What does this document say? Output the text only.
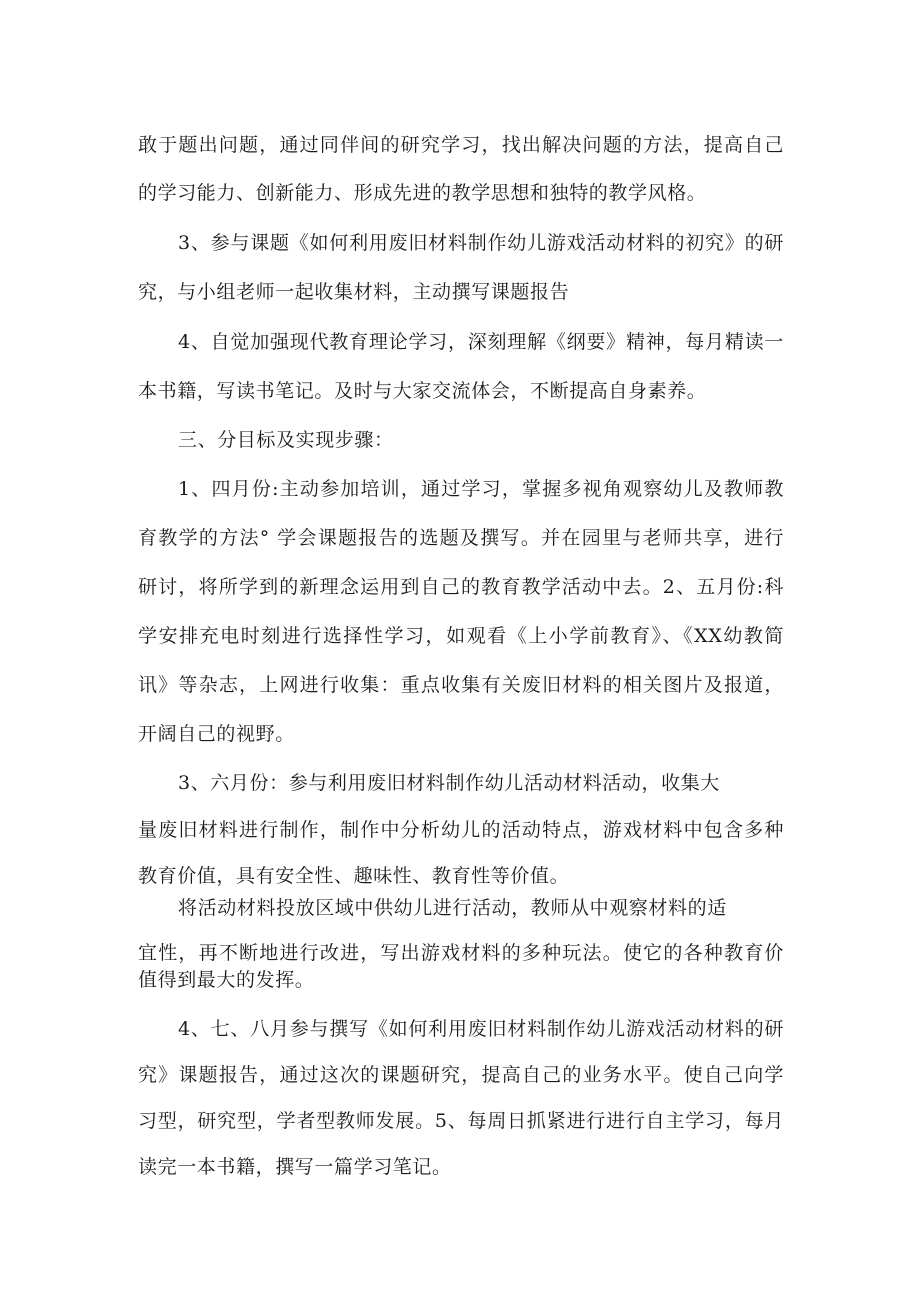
敢于题出问题，通过同伴间的研究学习，找出解决问题的方法，提高自己
的学习能力、创新能力、形成先进的教学思想和独特的教学风格。
3、参与课题《如何利用废旧材料制作幼儿游戏活动材料的初究》的研
究，与小组老师一起收集材料，主动撰写课题报告
4、自觉加强现代教育理论学习，深刻理解《纲要》精神，每月精读一
本书籍，写读书笔记。及时与大家交流体会，不断提高自身素养。
三、分目标及实现步骤：
1、四月份:主动参加培训，通过学习，掌握多视角观察幼儿及教师教
育教学的方法° 学会课题报告的选题及撰写。并在园里与老师共享，进行
研讨，将所学到的新理念运用到自己的教育教学活动中去。2、五月份:科
学安排充电时刻进行选择性学习，如观看《上小学前教育》、《XX幼教简
讯》等杂志，上网进行收集：重点收集有关废旧材料的相关图片及报道，
开阔自己的视野。
3、六月份：参与利用废旧材料制作幼儿活动材料活动，收集大
量废旧材料进行制作，制作中分析幼儿的活动特点，游戏材料中包含多种
教育价值，具有安全性、趣味性、教育性等价值。
将活动材料投放区域中供幼儿进行活动，教师从中观察材料的适
宜性，再不断地进行改进，写出游戏材料的多种玩法。使它的各种教育价
值得到最大的发挥。
4、七、八月参与撰写《如何利用废旧材料制作幼儿游戏活动材料的研
究》课题报告，通过这次的课题研究，提高自己的业务水平。使自己向学
习型，研究型，学者型教师发展。5、每周日抓紧进行进行自主学习，每月
读完一本书籍，撰写一篇学习笔记。
